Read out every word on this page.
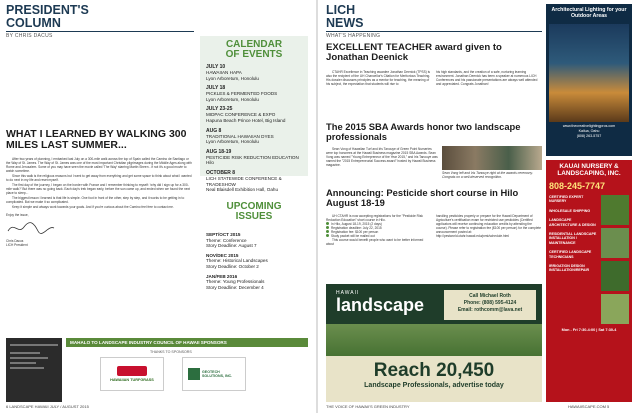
PRESIDENT'S
COLUMN
BY CHRIS DACUS
WHAT I LEARNED BY WALKING 300 MILES LAST SUMMER...

After two years of planning, I embarked last July on a 300-mile walk across the top of Spain called the Camino de Santiago or the Way of St. James. The Way of St. James was one of the most important Christian pilgrimages during the Middle Ages along with Rome and Jerusalem. Some of you may have seen the movie called 'The Way' starring Martin Sheen - if not it's a good movie to watch sometime.

Since this walk is the religious reasons but I went to get away from everything and get some space to think about what I wanted to do next in my life and reset myself.

The first day of the journey, I began on the border with France and I remember thinking to myself: 'why did I sign up for a 300-mile walk?' But there was no going back. Each day's trek began early, before the sun came up, and ended when we found the next place to sleep...

The biggest lesson I learned is that life is simple. One foot in front of the other, step by step, and it works to be getting in to complicated. But we make it so complicated.

Keep it simple and always work towards your goals. And if you're curious about the Camino feel free to contact me.

Enjoy the issue,

Chris Dacus

LICH President

CALENDAR
OF EVENTS
JULY 10
HAWAIIAN HAPA
Lyon Arboretum, Honolulu
JULY 18
PICKLES & FERMENTED FOODS
Lyon Arboretum, Honolulu
JULY 23-25
MIDPAC CONFERENCE & EXPO
Hapuna Beach Prince Hotel, Big Island
AUG 8
TRADITIONAL HAWAIIAN DYES
Lyon Arboretum, Honolulu
AUG 18-19
PESTICIDE RISK REDUCTION EDUCATION
Hilo
OCTOBER 8
LICH STATEWIDE CONFERENCE & TRADESHOW
Neal Blaisdell Exhibition Hall, Oahu
UPCOMING
ISSUES
SEPT/OCT 2015
Theme: Conference
Story Deadline: August 7
NOV/DEC 2015
Theme: Historical Landscapes
Story Deadline: October 2
JAN/FEB 2016
Theme: Young Professionals
Story Deadline: December 4
MAHALO TO LANDSCAPE INDUSTRY COUNCIL OF HAWAII SPONSORS
THANKS TO SPONSORS
HAWAIIAN TURFGRASS
GEOTECH SOLUTIONS, INC.
6 LANDSCAPE HAWAII JULY / AUGUST 2015
LICH
NEWS
WHAT'S HAPPENING
EXCELLENT TEACHER award given to Jonathan Deenick

CTAHR Excellence in Teaching awardee Jonathan Deenick (TPSS) is also the recipient of the UH Chancellor's Citation for Meritorious Teaching. His dossier discusses principles as a mentor for teaching, the meaning of his subject, the expectation that students will rise to

his high standards, and the creation of a safe, nurturing learning environment. Jonathan Deenick has been a speaker at numerous LICH Conferences and his passionate presentations are always well attended and appreciated. Congrats Jonathan!

The 2015 SBA Awards honor two landscape professionals

Sean Vong of Hawaiian Turf and Iris Tanouye of Green Point Nurseries were top honorees at the Hawaii Business magazine 2015 SBA Awards. Sean Vong was named "Young Entrepreneur of the Year 2015," and Iris Tanouye was named the "2015 Entrepreneurial Success award" hosted by Hawaii Business magazine.

Sean Vong left and Iris Tanouye right at the awards ceremony. Congrats on a well-deserved recognition.

Announcing: Pesticide short course in Hilo August 18-19

UH CTAHR is now accepting registrations for the "Pesticide Risk Reduction Education" short course in Hilo.

In Hilo, August 18-19, 2015 (2 days)
Registration deadline: July 22, 2015
Registration fee: $100 per person
Study packet will be mailed out

This course would benefit people who want to be better informed about

handling pesticides properly or prepare for the Hawaii Department of Agriculture's certification exam for restricted use pesticides (Certified applicators will receive continuing education credits by attending the course). Please refer to registration fee ($100 per person) for the complete announcement posted at: http://pestworld.ctahr.hawaii.edu/pest/schedule.html

HAWAII
landscape	Call Michael Roth
Phone: (808) 595-4124
Email: rothcomm@lava.net
Reach 20,450
Landscape Professionals, advertise today
Architectural Lighting for your Outdoor Areas
www.thecreativelightingpros.com
Kailua, Oahu
(808) 263-5757
KAUAI NURSERY &
LANDSCAPING, INC.
808-245-7747
CERTIFIED EXPERT NURSERY
WHOLESALE SHIPPING
LANDSCAPE ARCHITECTURE & DESIGN
RESIDENTIAL LANDSCAPE INSTALLATION / MAINTENANCE
CERTIFIED LANDSCAPE TECHNICIANS
IRRIGATION DESIGN INSTALLATION/REPAIR
Mon - Fri 7:30-4:00 | Sat 7:30-4
THE VOICE OF HAWAII'S GREEN INDUSTRY	HAWAIISCAPE.COM 5
